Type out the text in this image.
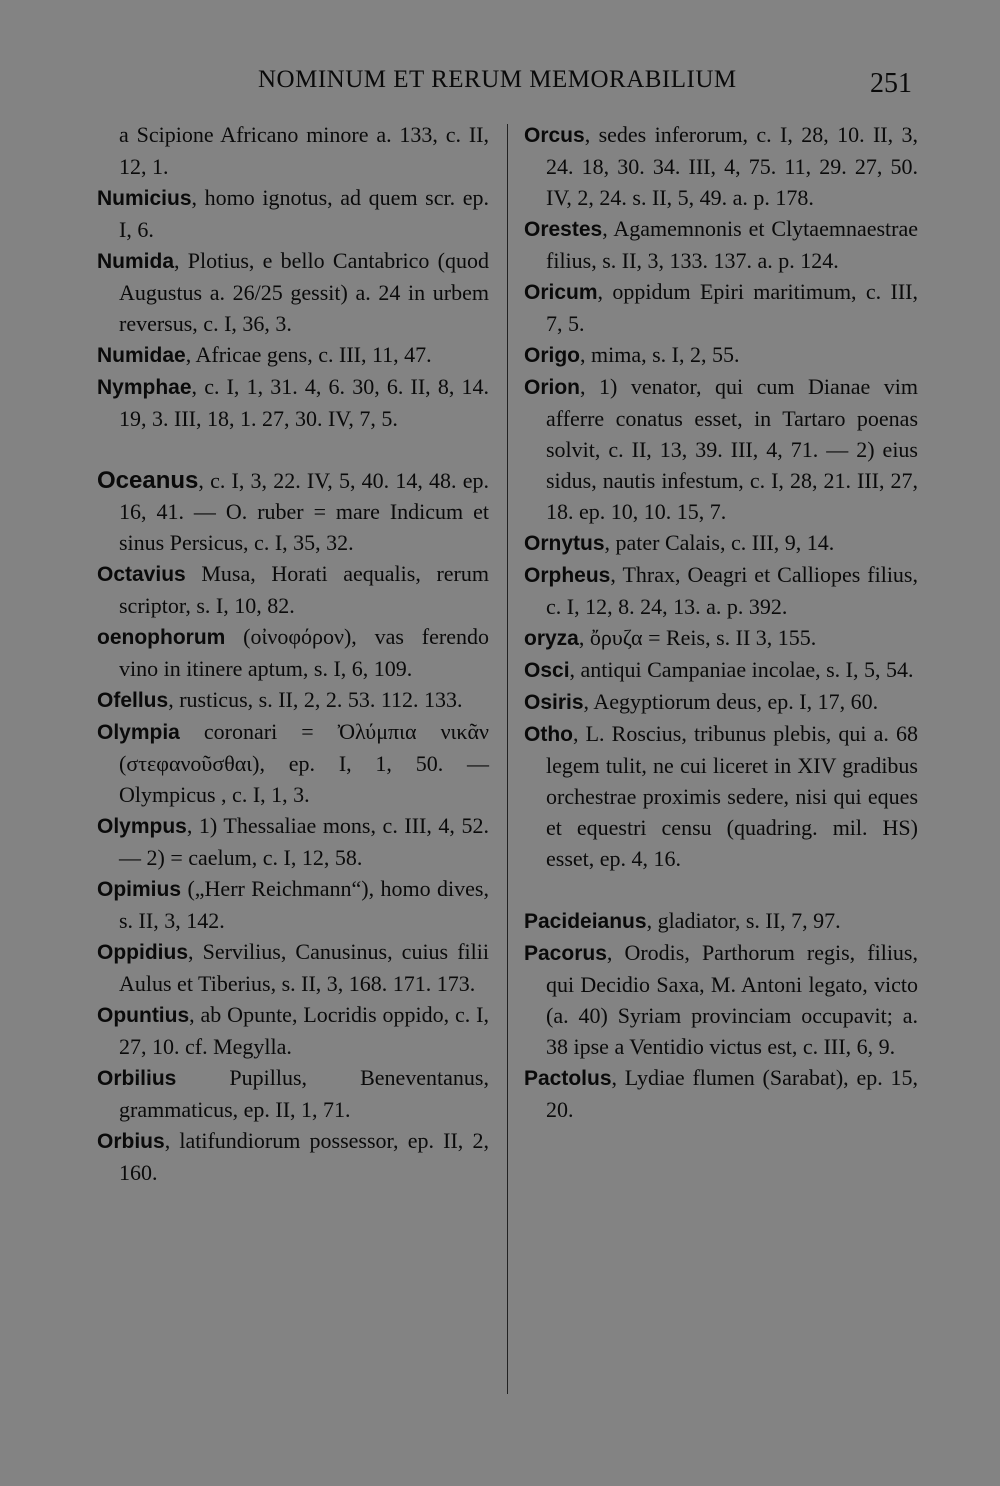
NOMINUM ET RERUM MEMORABILIUM	251
a Scipione Africano minore a. 133, c. II, 12, 1.
Numicius, homo ignotus, ad quem scr. ep. I, 6.
Numida, Plotius, e bello Cantabrico (quod Augustus a. 26/25 gessit) a. 24 in urbem reversus, c. I, 36, 3.
Numidae, Africae gens, c. III, 11, 47.
Nymphae, c. I, 1, 31. 4, 6. 30, 6. II, 8, 14. 19, 3. III, 18, 1. 27, 30. IV, 7, 5.
Oceanus, c. I, 3, 22. IV, 5, 40. 14, 48. ep. 16, 41. — O. ruber = mare Indicum et sinus Persicus, c. I, 35, 32.
Octavius Musa, Horati aequalis, rerum scriptor, s. I, 10, 82.
oenophorum (οἰνοφόρον), vas ferendo vino in itinere aptum, s. I, 6, 109.
Ofellus, rusticus, s. II, 2, 2. 53. 112. 133.
Olympia coronari = Ὀλύμπια νικᾶν (στεφανοῦσθαι), ep. I, 1, 50. — Olympicus , c. I, 1, 3.
Olympus, 1) Thessaliae mons, c. III, 4, 52. — 2) = caelum, c. I, 12, 58.
Opimius („Herr Reichmann“), homo dives, s. II, 3, 142.
Oppidius, Servilius, Canusinus, cuius filii Aulus et Tiberius, s. II, 3, 168. 171. 173.
Opuntius, ab Opunte, Locridis oppido, c. I, 27, 10. cf. Megylla.
Orbilius Pupillus, Beneventanus, grammaticus, ep. II, 1, 71.
Orbius, latifundiorum possessor, ep. II, 2, 160.
Orcus, sedes inferorum, c. I, 28, 10. II, 3, 24. 18, 30. 34. III, 4, 75. 11, 29. 27, 50. IV, 2, 24. s. II, 5, 49. a. p. 178.
Orestes, Agamemnonis et Clytaemnaestrae filius, s. II, 3, 133. 137. a. p. 124.
Oricum, oppidum Epiri maritimum, c. III, 7, 5.
Origo, mima, s. I, 2, 55.
Orion, 1) venator, qui cum Dianae vim afferre conatus esset, in Tartaro poenas solvit, c. II, 13, 39. III, 4, 71. — 2) eius sidus, nautis infestum, c. I, 28, 21. III, 27, 18. ep. 10, 10. 15, 7.
Ornytus, pater Calais, c. III, 9, 14.
Orpheus, Thrax, Oeagri et Calliopes filius, c. I, 12, 8. 24, 13. a. p. 392.
oryza, ὄρυζα = Reis, s. II 3, 155.
Osci, antiqui Campaniae incolae, s. I, 5, 54.
Osiris, Aegyptiorum deus, ep. I, 17, 60.
Otho, L. Roscius, tribunus plebis, qui a. 68 legem tulit, ne cui liceret in XIV gradibus orchestrae proximis sedere, nisi qui eques et equestri censu (quadring. mil. HS) esset, ep. 4, 16.
Pacideianus, gladiator, s. II, 7, 97.
Pacorus, Orodis, Parthorum regis, filius, qui Decidio Saxa, M. Antoni legato, victo (a. 40) Syriam provinciam occupavit; a. 38 ipse a Ventidio victus est, c. III, 6, 9.
Pactolus, Lydiae flumen (Sarabat), ep. 15, 20.
